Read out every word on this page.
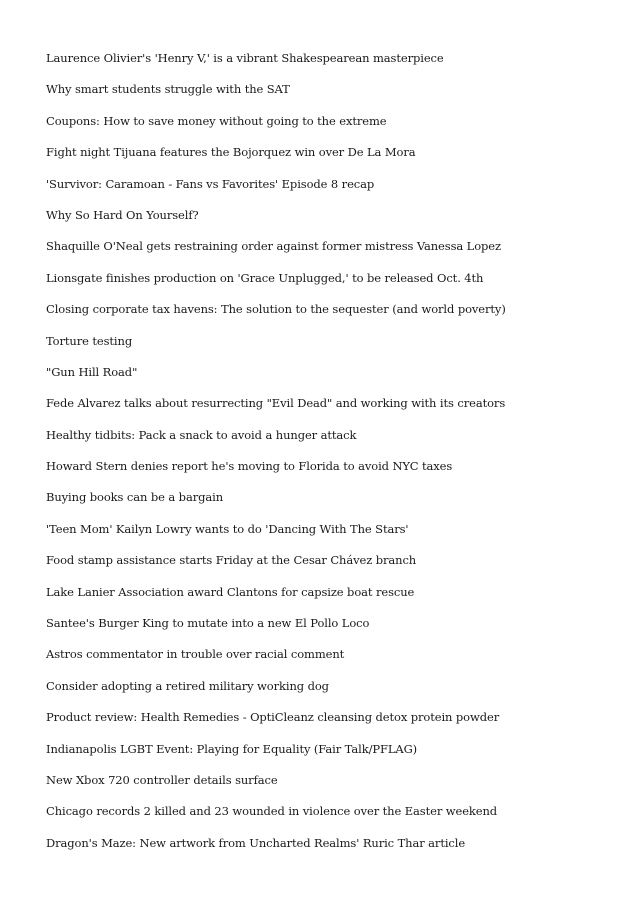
Laurence Olivier's 'Henry V,' is a vibrant Shakespearean masterpiece
Why smart students struggle with the SAT
Coupons: How to save money without going to the extreme
Fight night Tijuana features the Bojorquez win over De La Mora
'Survivor: Caramoan - Fans vs Favorites' Episode 8 recap
Why So Hard On Yourself?
Shaquille O'Neal gets restraining order against former mistress Vanessa Lopez
Lionsgate finishes production on 'Grace Unplugged,' to be released Oct. 4th
Closing corporate tax havens: The solution to the sequester (and world poverty)
Torture testing
"Gun Hill Road"
Fede Alvarez talks about resurrecting "Evil Dead" and working with its creators
Healthy tidbits: Pack a snack to avoid a hunger attack
Howard Stern denies report he's moving to Florida to avoid NYC taxes
Buying books can be a bargain
'Teen Mom' Kailyn Lowry wants to do 'Dancing With The Stars'
Food stamp assistance starts Friday at the Cesar Chávez branch
Lake Lanier Association award Clantons for capsize boat rescue
Santee's Burger King to mutate into a new El Pollo Loco
Astros commentator in trouble over racial comment
Consider adopting a retired military working dog
Product review: Health Remedies - OptiCleanz cleansing detox protein powder
Indianapolis LGBT Event: Playing for Equality (Fair Talk/PFLAG)
New Xbox 720 controller details surface
Chicago records 2 killed and 23 wounded in violence over the Easter weekend
Dragon's Maze: New artwork from Uncharted Realms' Ruric Thar article
